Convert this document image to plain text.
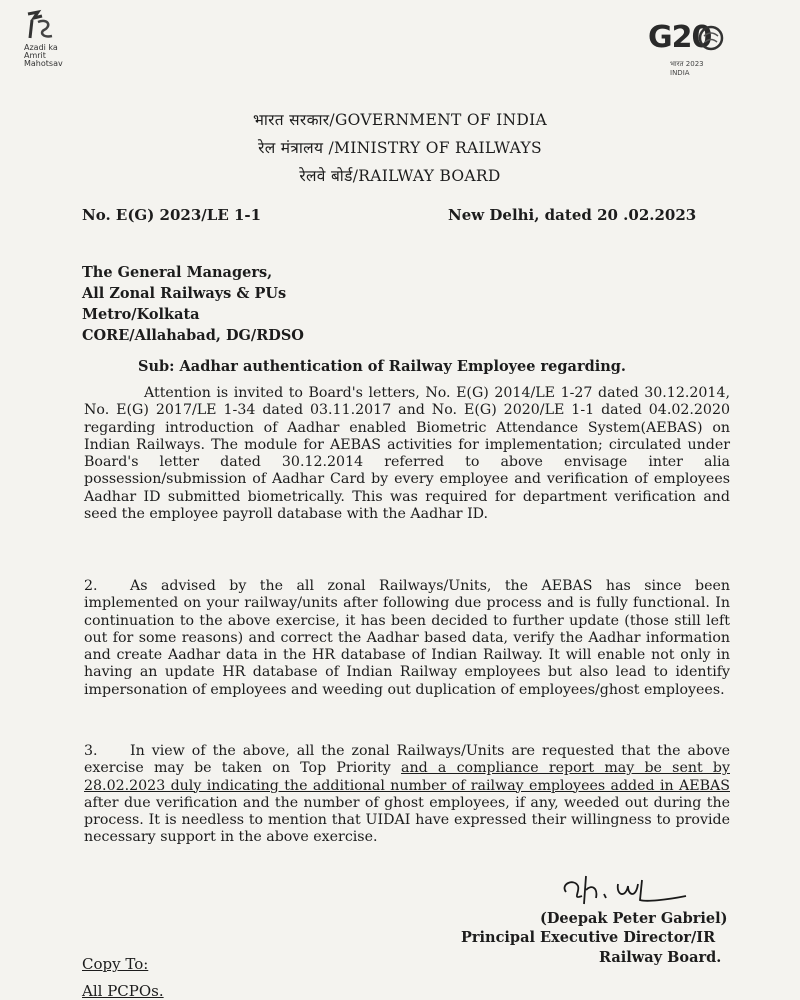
Azadi ka Amrit Mahotsav
G20
भारत 2023 INDIA
भारत सरकार/GOVERNMENT OF INDIA
रेल मंत्रालय /MINISTRY OF RAILWAYS
रेलवे बोर्ड/RAILWAY BOARD
No. E(G) 2023/LE 1-1	New Delhi, dated 20 .02.2023
The General Managers,
All Zonal Railways & PUs
Metro/Kolkata
CORE/Allahabad, DG/RDSO
Sub: Aadhar authentication of Railway Employee regarding.
Attention is invited to Board's letters, No. E(G) 2014/LE 1-27 dated 30.12.2014, No. E(G) 2017/LE 1-34 dated 03.11.2017 and No. E(G) 2020/LE 1-1 dated 04.02.2020 regarding introduction of Aadhar enabled Biometric Attendance System(AEBAS) on Indian Railways. The module for AEBAS activities for implementation; circulated under Board's letter dated 30.12.2014 referred to above envisage inter alia possession/submission of Aadhar Card by every employee and verification of employees Aadhar ID submitted biometrically. This was required for department verification and seed the employee payroll database with the Aadhar ID.
2. As advised by the all zonal Railways/Units, the AEBAS has since been implemented on your railway/units after following due process and is fully functional. In continuation to the above exercise, it has been decided to further update (those still left out for some reasons) and correct the Aadhar based data, verify the Aadhar information and create Aadhar data in the HR database of Indian Railway. It will enable not only in having an update HR database of Indian Railway employees but also lead to identify impersonation of employees and weeding out duplication of employees/ghost employees.
3. In view of the above, all the zonal Railways/Units are requested that the above exercise may be taken on Top Priority and a compliance report may be sent by 28.02.2023 duly indicating the additional number of railway employees added in AEBAS after due verification and the number of ghost employees, if any, weeded out during the process. It is needless to mention that UIDAI have expressed their willingness to provide necessary support in the above exercise.
(Deepak Peter Gabriel)
Principal Executive Director/IR
Railway Board.
Copy To:
All PCPOs.
